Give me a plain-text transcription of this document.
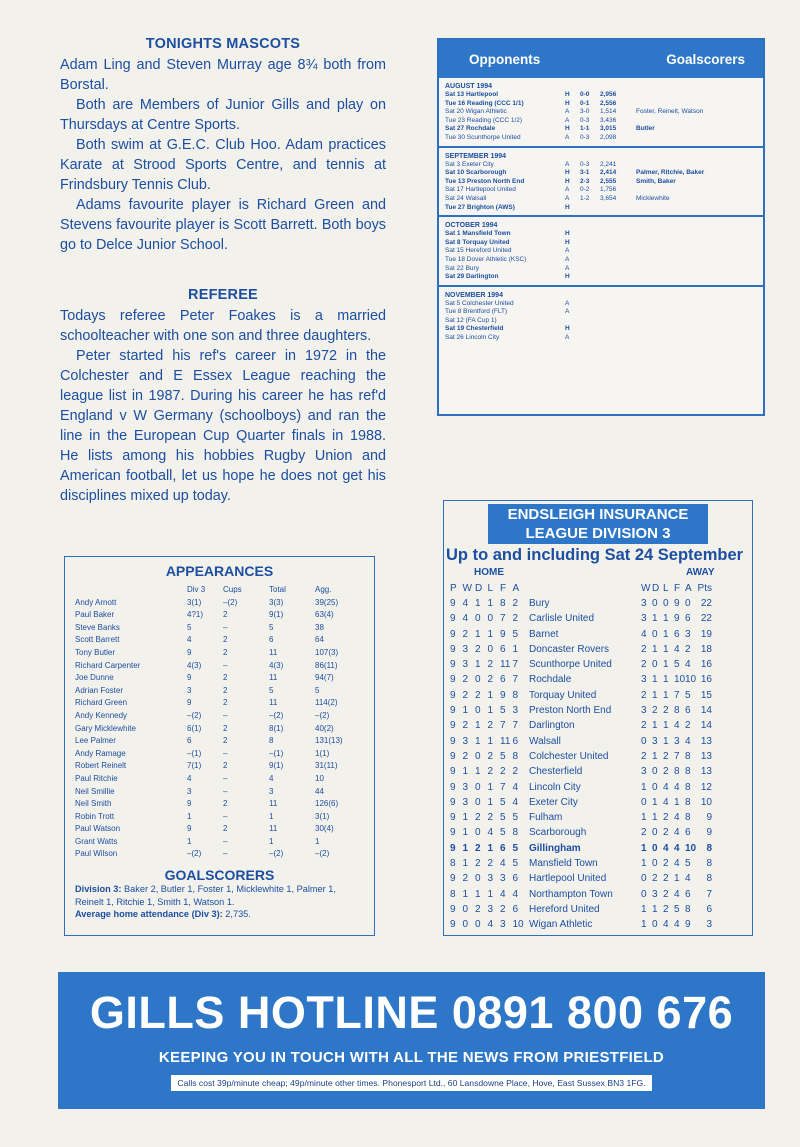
TONIGHTS MASCOTS

Adam Ling and Steven Murray age 8¾ both from Borstal.

Both are Members of Junior Gills and play on Thursdays at Centre Sports.

Both swim at G.E.C. Club Hoo. Adam practices Karate at Strood Sports Centre, and tennis at Frindsbury Tennis Club.

Adams favourite player is Richard Green and Stevens favourite player is Scott Barrett. Both boys go to Delce Junior School.

REFEREE

Todays referee Peter Foakes is a married schoolteacher with one son and three daughters.

Peter started his ref's career in 1972 in the Colchester and E Essex League reaching the league list in 1987. During his career he has ref'd England v W Germany (schoolboys) and ran the line in the European Cup Quarter finals in 1988. He lists among his hobbies Rugby Union and American football, let us hope he does not get his disciplines mixed up today.

Opponents	Goalscorers
AUGUST 1994
Sat 13 Hartlepool	H	0-0	2,956
Tue 16 Reading (CCC 1/1)	H	0-1	2,556
Sat 20 Wigan Athletic	A	3-0	1,514	Foster, Reinelt, Watson
Tue 23 Reading (CCC 1/2)	A	0-3	3,436
Sat 27 Rochdale	H	1-1	3,015	Butler
Tue 30 Scunthorpe United	A	0-3	2,098
SEPTEMBER 1994
Sat 3 Exeter City	A	0-3	2,241
Sat 10 Scarborough	H	3-1	2,414	Palmer, Ritchie, Baker
Tue 13 Preston North End	H	2-3	2,555	Smith, Baker
Sat 17 Hartlepool United	A	0-2	1,756
Sat 24 Walsall	A	1-2	3,654	Micklewhite
Tue 27 Brighton (AWS)	H
OCTOBER 1994
Sat 1 Mansfield Town	H
Sat 8 Torquay United	H
Sat 15 Hereford United	A
Tue 18 Dover Athletic (KSC)	A
Sat 22 Bury	A
Sat 29 Darlington	H
NOVEMBER 1994
Sat 5 Colchester United	A
Tue 8 Brentford (FLT)	A
Sat 12 (FA Cup 1)
Sat 19 Chesterfield	H
Sat 26 Lincoln City	A
APPEARANCES
Div 3	Cups	Total	Agg.
Andy Arnott	3(1)	–(2)	3(3)	39(25)
Paul Baker	4?1)	2	9(1)	63(4)
Steve Banks	5	–	5	38
Scott Barrett	4	2	6	64
Tony Butler	9	2	11	107(3)
Richard Carpenter	4(3)	–	4(3)	86(11)
Joe Dunne	9	2	11	94(7)
Adrian Foster	3	2	5	5
Richard Green	9	2	11	114(2)
Andy Kennedy	–(2)	–	–(2)	–(2)
Gary Micklewhite	6(1)	2	8(1)	40(2)
Lee Palmer	6	2	8	131(13)
Andy Ramage	–(1)	–	–(1)	1(1)
Robert Reinelt	7(1)	2	9(1)	31(11)
Paul Ritchie	4	–	4	10
Neil Smillie	3	–	3	44
Neil Smith	9	2	11	126(6)
Robin Trott	1	–	1	3(1)
Paul Watson	9	2	11	30(4)
Grant Watts	1	–	1	1
Paul Wilson	–(2)	–	–(2)	–(2)
GOALSCORERS
Division 3: Baker 2, Butler 1, Foster 1, Micklewhite 1, Palmer 1, Reinelt 1, Ritchie 1, Smith 1, Watson 1.
Average home attendance (Div 3): 2,735.
ENDSLEIGH INSURANCE
LEAGUE DIVISION 3
Up to and including Sat 24 September
HOME	AWAY
P W D L F A	W D L F A Pts
9 4 1 1 8 2	Bury	3 0 0 9 0	22
9 4 0 0 7 2	Carlisle United	3 1 1 9 6	22
9 2 1 1 9 5	Barnet	4 0 1 6 3	19
9 3 2 0 6 1	Doncaster Rovers	2 1 1 4 2	18
9 3 1 2 11 7	Scunthorpe United	2 0 1 5 4	16
9 2 0 2 6 7	Rochdale	3 1 1 10 10 16
9 2 2 1 9 8	Torquay United	2 1 1 7 5	15
9 1 0 1 5 3	Preston North End	3 2 2 8 6	14
9 2 1 2 7 7	Darlington	2 1 1 4 2	14
9 3 1 1 11 6	Walsall	0 3 1 3 4	13
9 2 0 2 5 8	Colchester United	2 1 2 7 8	13
9 1 1 2 2 2	Chesterfield	3 0 2 8 8	13
9 3 0 1 7 4	Lincoln City	1 0 4 4 8	12
9 3 0 1 5 4	Exeter City	0 1 4 1 8	10
9 1 2 2 5 5	Fulham	1 1 2 4 8	9
9 1 0 4 5 8	Scarborough	2 0 2 4 6	9
9 1 2 1 6 5	Gillingham	1 0 4 4 10	8
8 1 2 2 4 5	Mansfield Town	1 0 2 4 5	8
9 2 0 3 3 6	Hartlepool United	0 2 2 1 4	8
8 1 1 1 4 4	Northampton Town	0 3 2 4 6	7
9 0 2 3 2 6	Hereford United	1 1 2 5 8	6
9 0 0 4 3 10 Wigan Athletic	1 0 4 4 9	3
GILLS HOTLINE 0891 800 676
KEEPING YOU IN TOUCH WITH ALL THE NEWS FROM PRIESTFIELD
Calls cost 39p/minute cheap; 49p/minute other times. Phonesport Ltd., 60 Lansdowne Place, Hove, East Sussex BN3 1FG.
